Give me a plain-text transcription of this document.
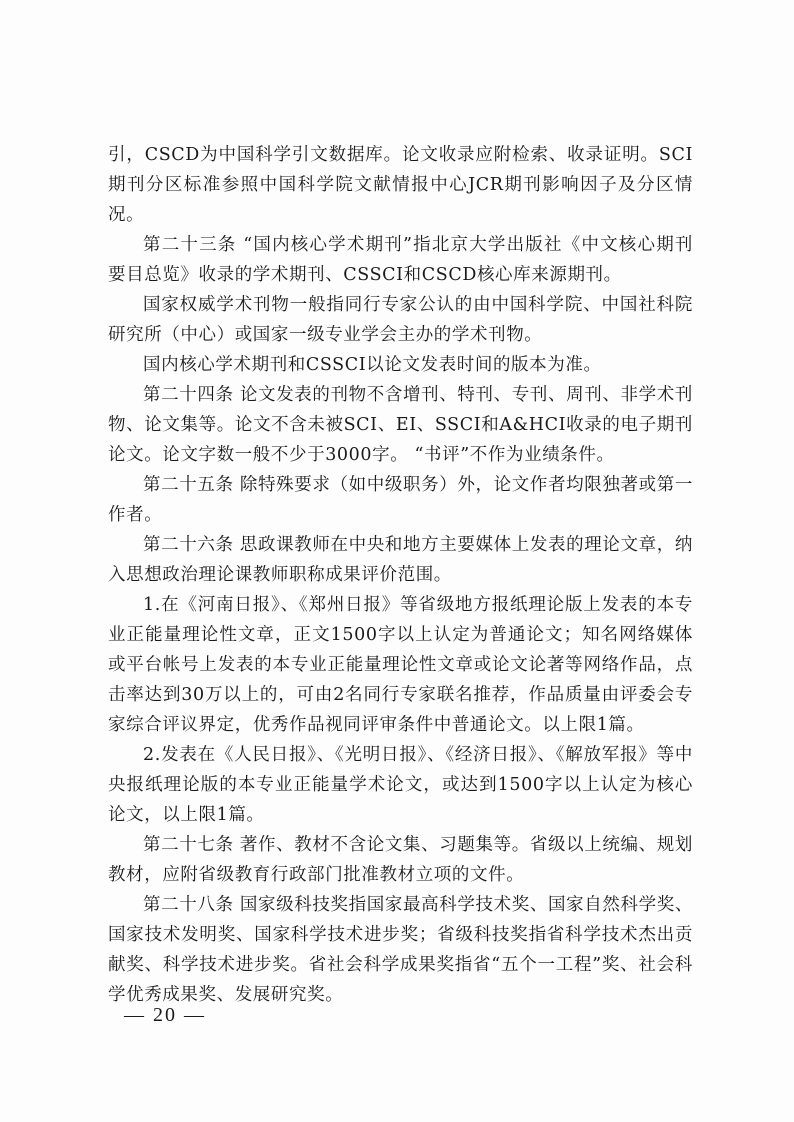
引，CSCD为中国科学引文数据库。论文收录应附检索、收录证明。SCI期刊分区标准参照中国科学院文献情报中心JCR期刊影响因子及分区情况。

第二十三条 “国内核心学术期刊”指北京大学出版社《中文核心期刊要目总览》收录的学术期刊、CSSCI和CSCD核心库来源期刊。

国家权威学术刊物一般指同行专家公认的由中国科学院、中国社科院研究所（中心）或国家一级专业学会主办的学术刊物。

国内核心学术期刊和CSSCI以论文发表时间的版本为准。

第二十四条 论文发表的刊物不含增刊、特刊、专刊、周刊、非学术刊物、论文集等。论文不含未被SCI、EI、SSCI和A&HCI收录的电子期刊论文。论文字数一般不少于3000字。 “书评”不作为业绩条件。

第二十五条 除特殊要求（如中级职务）外，论文作者均限独著或第一作者。

第二十六条 思政课教师在中央和地方主要媒体上发表的理论文章，纳入思想政治理论课教师职称成果评价范围。

1.在《河南日报》、《郑州日报》等省级地方报纸理论版上发表的本专业正能量理论性文章，正文1500字以上认定为普通论文；知名网络媒体或平台帐号上发表的本专业正能量理论性文章或论文论著等网络作品，点击率达到30万以上的，可由2名同行专家联名推荐，作品质量由评委会专家综合评议界定，优秀作品视同评审条件中普通论文。以上限1篇。

2.发表在《人民日报》、《光明日报》、《经济日报》、《解放军报》等中央报纸理论版的本专业正能量学术论文，或达到1500字以上认定为核心论文，以上限1篇。

第二十七条 著作、教材不含论文集、习题集等。省级以上统编、规划教材，应附省级教育行政部门批准教材立项的文件。

第二十八条 国家级科技奖指国家最高科学技术奖、国家自然科学奖、国家技术发明奖、国家科学技术进步奖；省级科技奖指省科学技术杰出贡献奖、科学技术进步奖。省社会科学成果奖指省“五个一工程”奖、社会科学优秀成果奖、发展研究奖。

— 20 —
